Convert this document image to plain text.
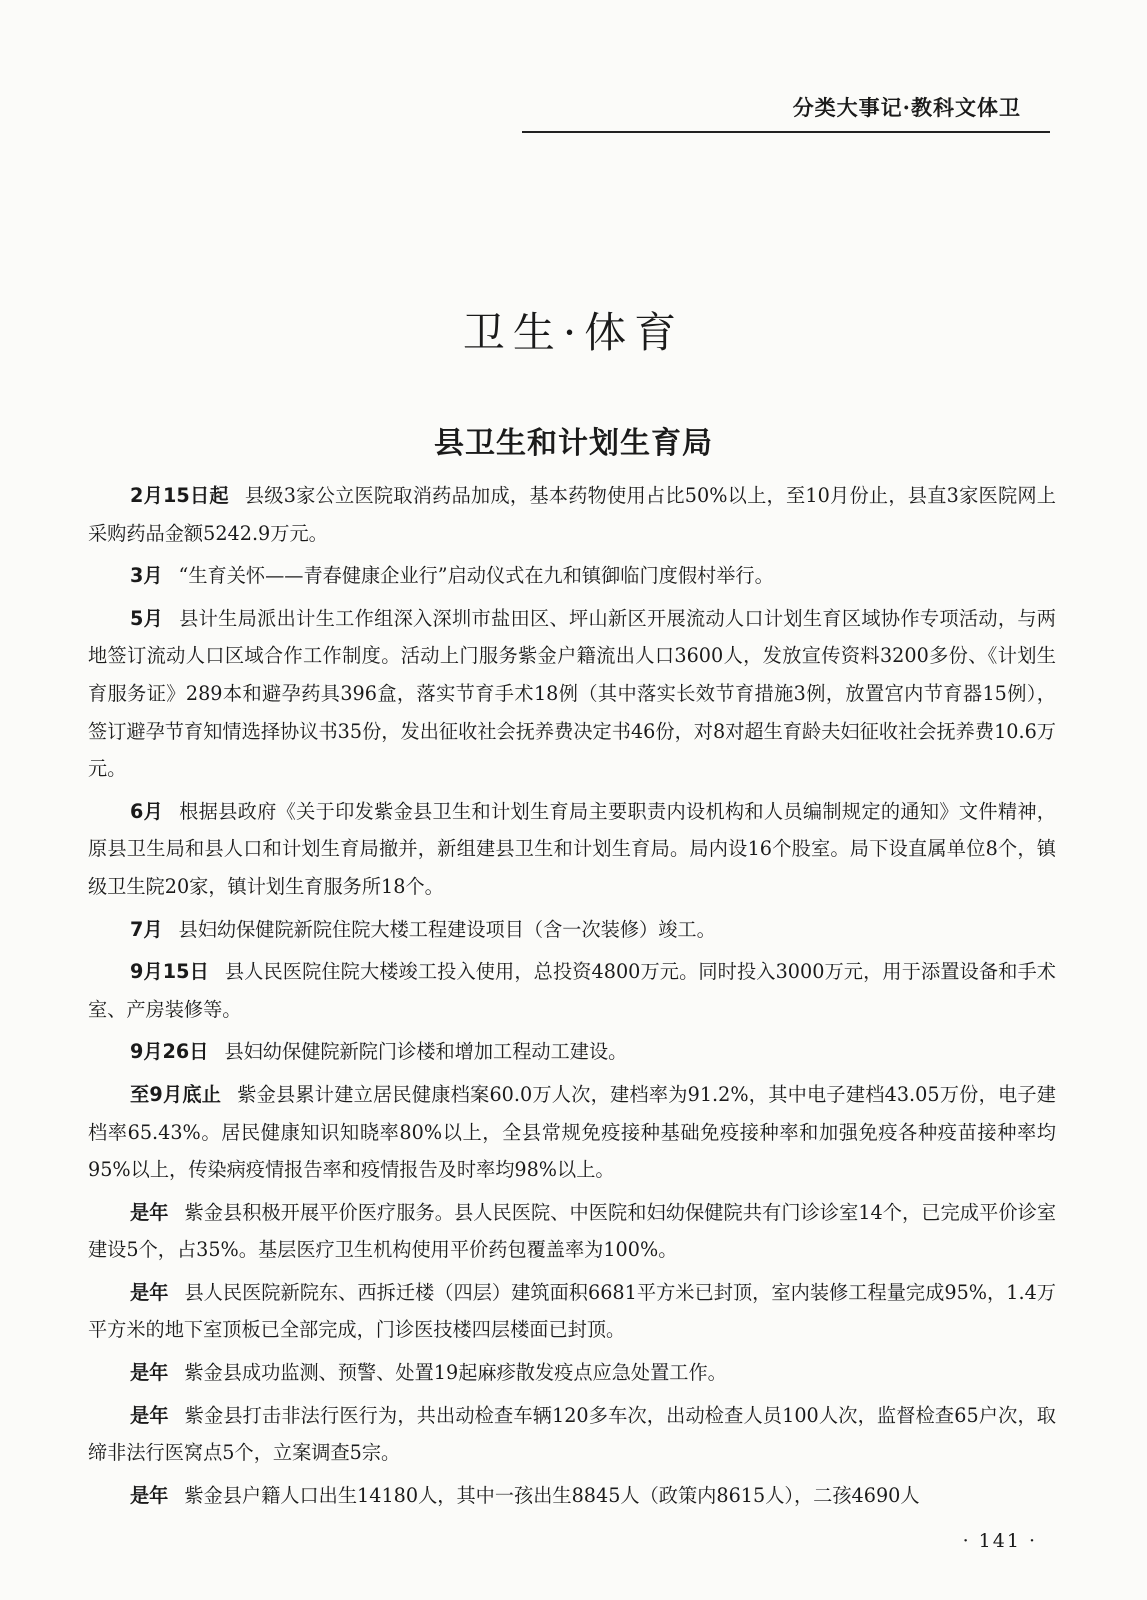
分类大事记·教科文体卫
卫生·体育
县卫生和计划生育局

2月15日起 县级3家公立医院取消药品加成，基本药物使用占比50%以上，至10月份止，县直3家医院网上采购药品金额5242.9万元。

3月 “生育关怀——青春健康企业行”启动仪式在九和镇御临门度假村举行。

5月 县计生局派出计生工作组深入深圳市盐田区、坪山新区开展流动人口计划生育区域协作专项活动，与两地签订流动人口区域合作工作制度。活动上门服务紫金户籍流出人口3600人，发放宣传资料3200多份、《计划生育服务证》289本和避孕药具396盒，落实节育手术18例（其中落实长效节育措施3例，放置宫内节育器15例），签订避孕节育知情选择协议书35份，发出征收社会抚养费决定书46份，对8对超生育龄夫妇征收社会抚养费10.6万元。

6月 根据县政府《关于印发紫金县卫生和计划生育局主要职责内设机构和人员编制规定的通知》文件精神，原县卫生局和县人口和计划生育局撤并，新组建县卫生和计划生育局。局内设16个股室。局下设直属单位8个，镇级卫生院20家，镇计划生育服务所18个。

7月 县妇幼保健院新院住院大楼工程建设项目（含一次装修）竣工。

9月15日 县人民医院住院大楼竣工投入使用，总投资4800万元。同时投入3000万元，用于添置设备和手术室、产房装修等。

9月26日 县妇幼保健院新院门诊楼和增加工程动工建设。

至9月底止 紫金县累计建立居民健康档案60.0万人次，建档率为91.2%，其中电子建档43.05万份，电子建档率65.43%。居民健康知识知晓率80%以上，全县常规免疫接种基础免疫接种率和加强免疫各种疫苗接种率均95%以上，传染病疫情报告率和疫情报告及时率均98%以上。

是年 紫金县积极开展平价医疗服务。县人民医院、中医院和妇幼保健院共有门诊诊室14个，已完成平价诊室建设5个，占35%。基层医疗卫生机构使用平价药包覆盖率为100%。

是年 县人民医院新院东、西拆迁楼（四层）建筑面积6681平方米已封顶，室内装修工程量完成95%，1.4万平方米的地下室顶板已全部完成，门诊医技楼四层楼面已封顶。

是年 紫金县成功监测、预警、处置19起麻疹散发疫点应急处置工作。

是年 紫金县打击非法行医行为，共出动检查车辆120多车次，出动检查人员100人次，监督检查65户次，取缔非法行医窝点5个，立案调查5宗。

是年 紫金县户籍人口出生14180人，其中一孩出生8845人（政策内8615人），二孩4690人

· 141 ·
